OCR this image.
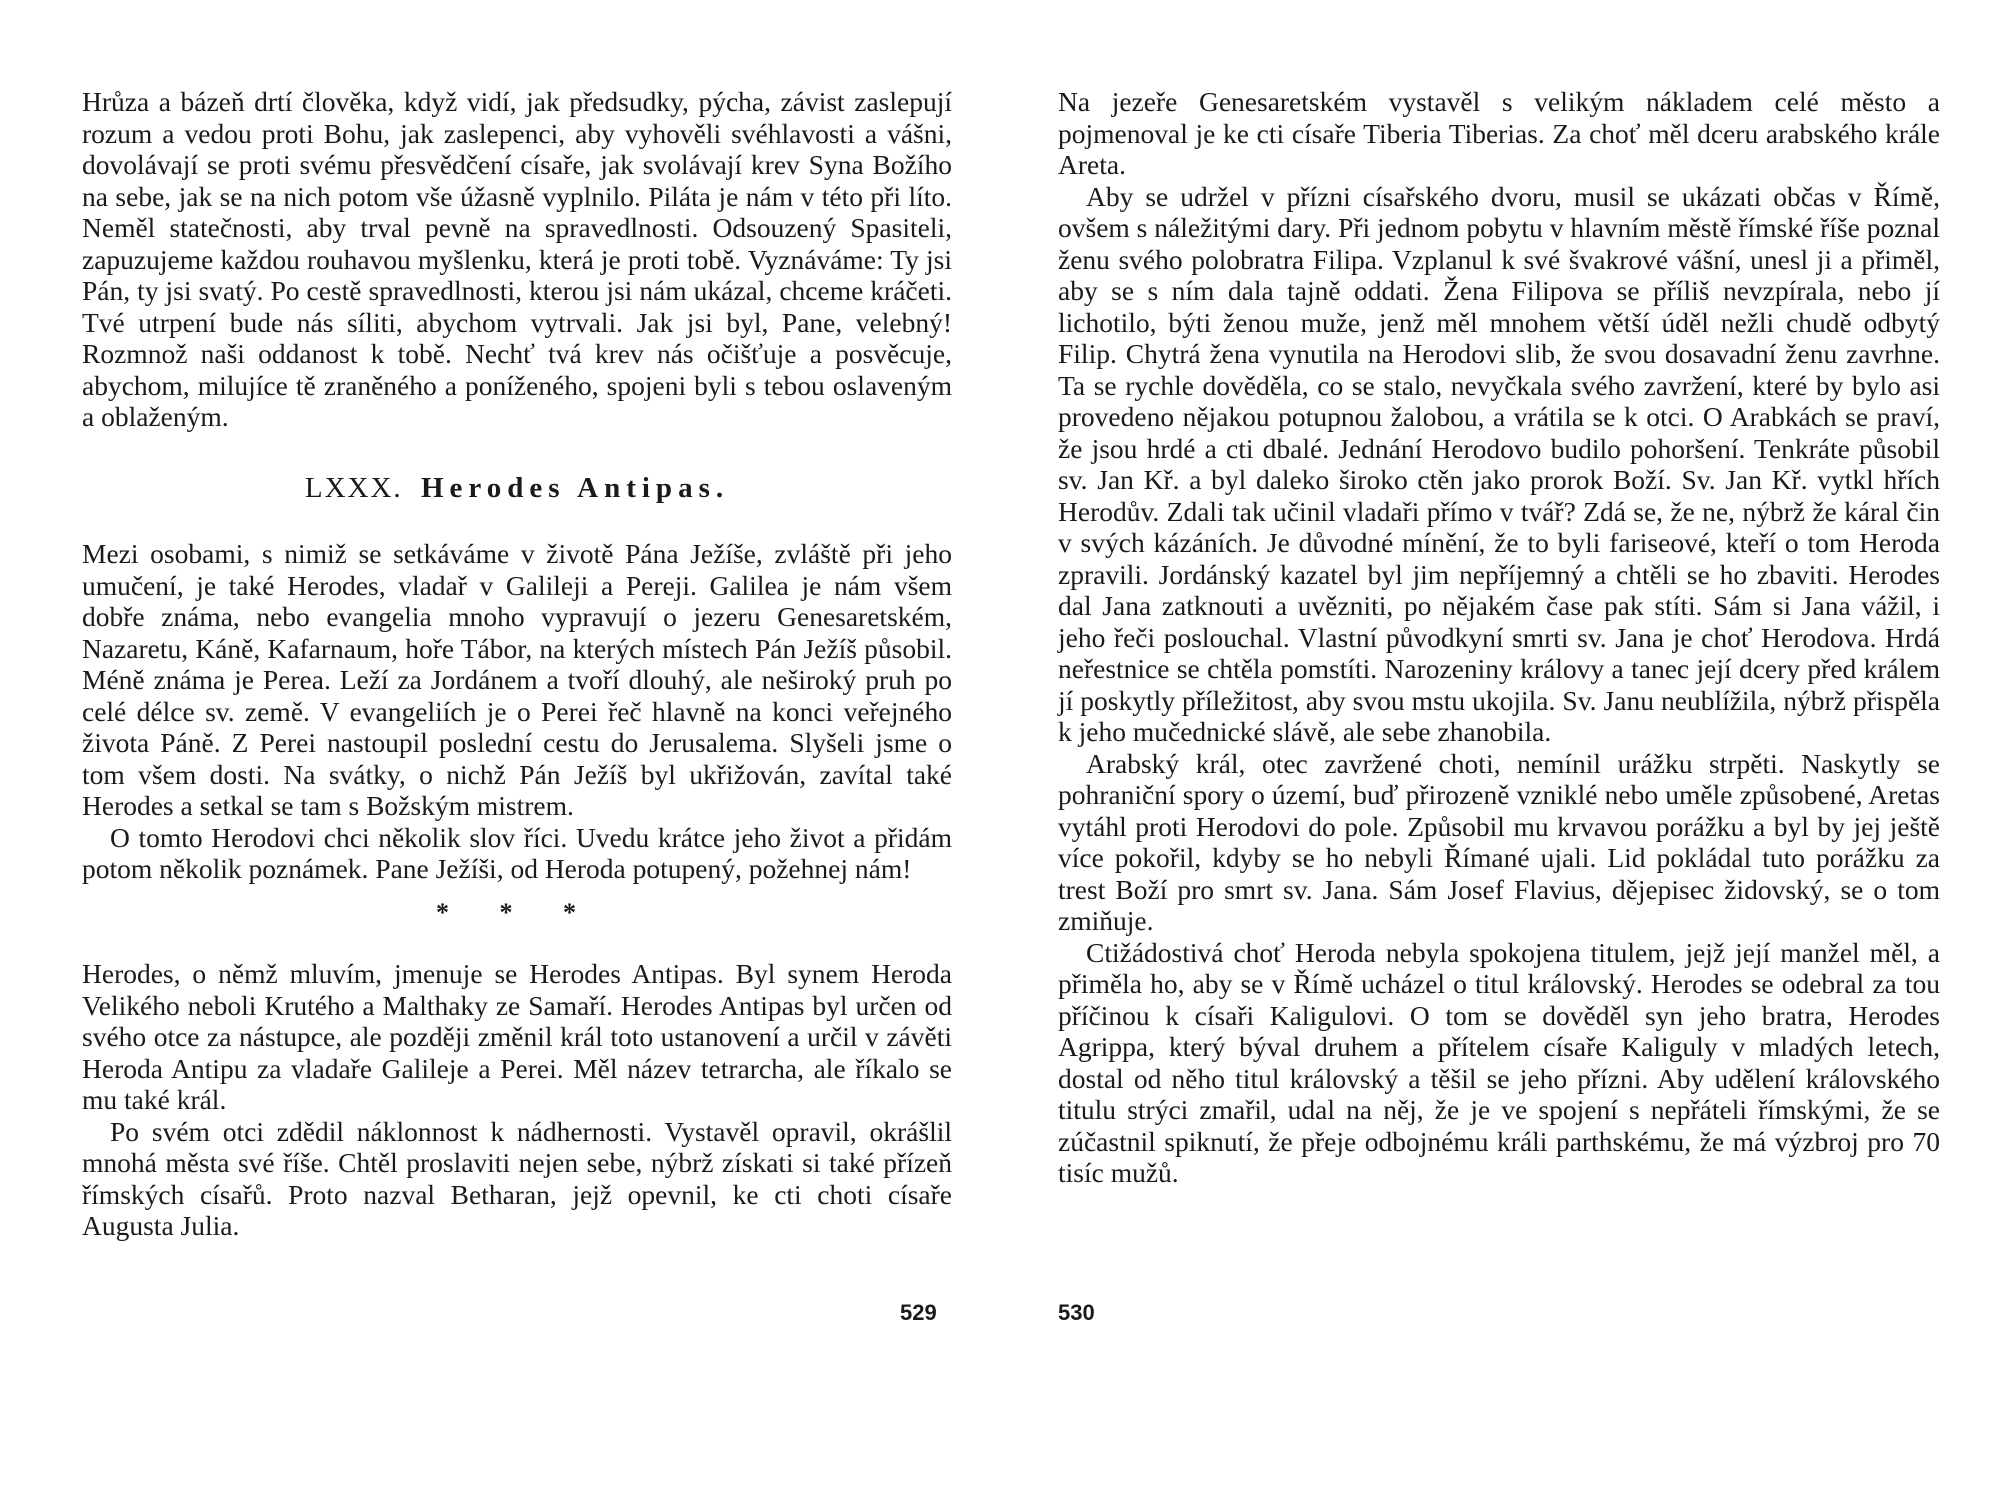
Hrůza a bázeň drtí člověka, když vidí, jak předsudky, pýcha, závist zaslepují rozum a vedou proti Bohu, jak zaslepenci, aby vyhověli svéhlavosti a vášni, dovolávají se proti svému přesvědčení císaře, jak svolávají krev Syna Božího na sebe, jak se na nich potom vše úžasně vyplnilo. Piláta je nám v této při líto. Neměl statečnosti, aby trval pevně na spravedlnosti. Odsouzený Spasiteli, zapuzujeme každou rouhavou myšlenku, která je proti tobě. Vyznáváme: Ty jsi Pán, ty jsi svatý. Po cestě spravedlnosti, kterou jsi nám ukázal, chceme kráčeti. Tvé utrpení bude nás síliti, abychom vytrvali. Jak jsi byl, Pane, velebný! Rozmnož naši oddanost k tobě. Nechť tvá krev nás očišťuje a posvěcuje, abychom, milujíce tě zraněného a poníženého, spojeni byli s tebou oslaveným a oblaženým.

LXXX. Herodes Antipas.

Mezi osobami, s nimiž se setkáváme v životě Pána Ježíše, zvláště při jeho umučení, je také Herodes, vladař v Galileji a Pereji. Galilea je nám všem dobře známa, nebo evangelia mnoho vypravují o jezeru Genesaretském, Nazaretu, Káně, Kafarnaum, hoře Tábor, na kterých místech Pán Ježíš působil. Méně známa je Perea. Leží za Jordánem a tvoří dlouhý, ale neširoký pruh po celé délce sv. země. V evangeliích je o Perei řeč hlavně na konci veřejného života Páně. Z Perei nastoupil poslední cestu do Jerusalema. Slyšeli jsme o tom všem dosti. Na svátky, o nichž Pán Ježíš byl ukřižován, zavítal také Herodes a setkal se tam s Božským mistrem.

O tomto Herodovi chci několik slov říci. Uvedu krátce jeho život a přidám potom několik poznámek. Pane Ježíši, od Heroda potupený, požehnej nám!

* * *

Herodes, o němž mluvím, jmenuje se Herodes Antipas. Byl synem Heroda Velikého neboli Krutého a Malthaky ze Samaří. Herodes Antipas byl určen od svého otce za nástupce, ale později změnil král toto ustanovení a určil v závěti Heroda Antipu za vladaře Galileje a Perei. Měl název tetrarcha, ale říkalo se mu také král.

Po svém otci zdědil náklonnost k nádhernosti. Vystavěl opravil, okrášlil mnohá města své říše. Chtěl proslaviti nejen sebe, nýbrž získati si také přízeň římských císařů. Proto nazval Betharan, jejž opevnil, ke cti choti císaře Augusta Julia.

529

Na jezeře Genesaretském vystavěl s velikým nákladem celé město a pojmenoval je ke cti císaře Tiberia Tiberias. Za choť měl dceru arabského krále Areta.

Aby se udržel v přízni císařského dvoru, musil se ukázati občas v Římě, ovšem s náležitými dary. Při jednom pobytu v hlavním městě římské říše poznal ženu svého polobratra Filipa. Vzplanul k své švakrové vášní, unesl ji a přiměl, aby se s ním dala tajně oddati. Žena Filipova se příliš nevzpírala, nebo jí lichotilo, býti ženou muže, jenž měl mnohem větší úděl nežli chudě odbytý Filip. Chytrá žena vynutila na Herodovi slib, že svou dosavadní ženu zavrhne. Ta se rychle dověděla, co se stalo, nevyčkala svého zavržení, které by bylo asi provedeno nějakou potupnou žalobou, a vrátila se k otci. O Arabkách se praví, že jsou hrdé a cti dbalé. Jednání Herodovo budilo pohoršení. Tenkráte působil sv. Jan Kř. a byl daleko široko ctěn jako prorok Boží. Sv. Jan Kř. vytkl hřích Herodův. Zdali tak učinil vladaři přímo v tvář? Zdá se, že ne, nýbrž že káral čin v svých kázáních. Je důvodné mínění, že to byli fariseové, kteří o tom Heroda zpravili. Jordánský kazatel byl jim nepříjemný a chtěli se ho zbaviti. Herodes dal Jana zatknouti a uvězniti, po nějakém čase pak stíti. Sám si Jana vážil, i jeho řeči poslouchal. Vlastní původkyní smrti sv. Jana je choť Herodova. Hrdá neřestnice se chtěla pomstíti. Narozeniny královy a tanec její dcery před králem jí poskytly příležitost, aby svou mstu ukojila. Sv. Janu neublížila, nýbrž přispěla k jeho mučednické slávě, ale sebe zhanobila.

Arabský král, otec zavržené choti, nemínil urážku strpěti. Naskytly se pohraniční spory o území, buď přirozeně vzniklé nebo uměle způsobené, Aretas vytáhl proti Herodovi do pole. Způsobil mu krvavou porážku a byl by jej ještě více pokořil, kdyby se ho nebyli Římané ujali. Lid pokládal tuto porážku za trest Boží pro smrt sv. Jana. Sám Josef Flavius, dějepisec židovský, se o tom zmiňuje.

Ctižádostivá choť Heroda nebyla spokojena titulem, jejž její manžel měl, a přiměla ho, aby se v Římě ucházel o titul královský. Herodes se odebral za tou příčinou k císaři Kaligulovi. O tom se dověděl syn jeho bratra, Herodes Agrippa, který býval druhem a přítelem císaře Kaliguly v mladých letech, dostal od něho titul královský a těšil se jeho přízni. Aby udělení královského titulu strýci zmařil, udal na něj, že je ve spojení s nepřáteli římskými, že se zúčastnil spiknutí, že přeje odbojnému králi parthskému, že má výzbroj pro 70 tisíc mužů.

530
